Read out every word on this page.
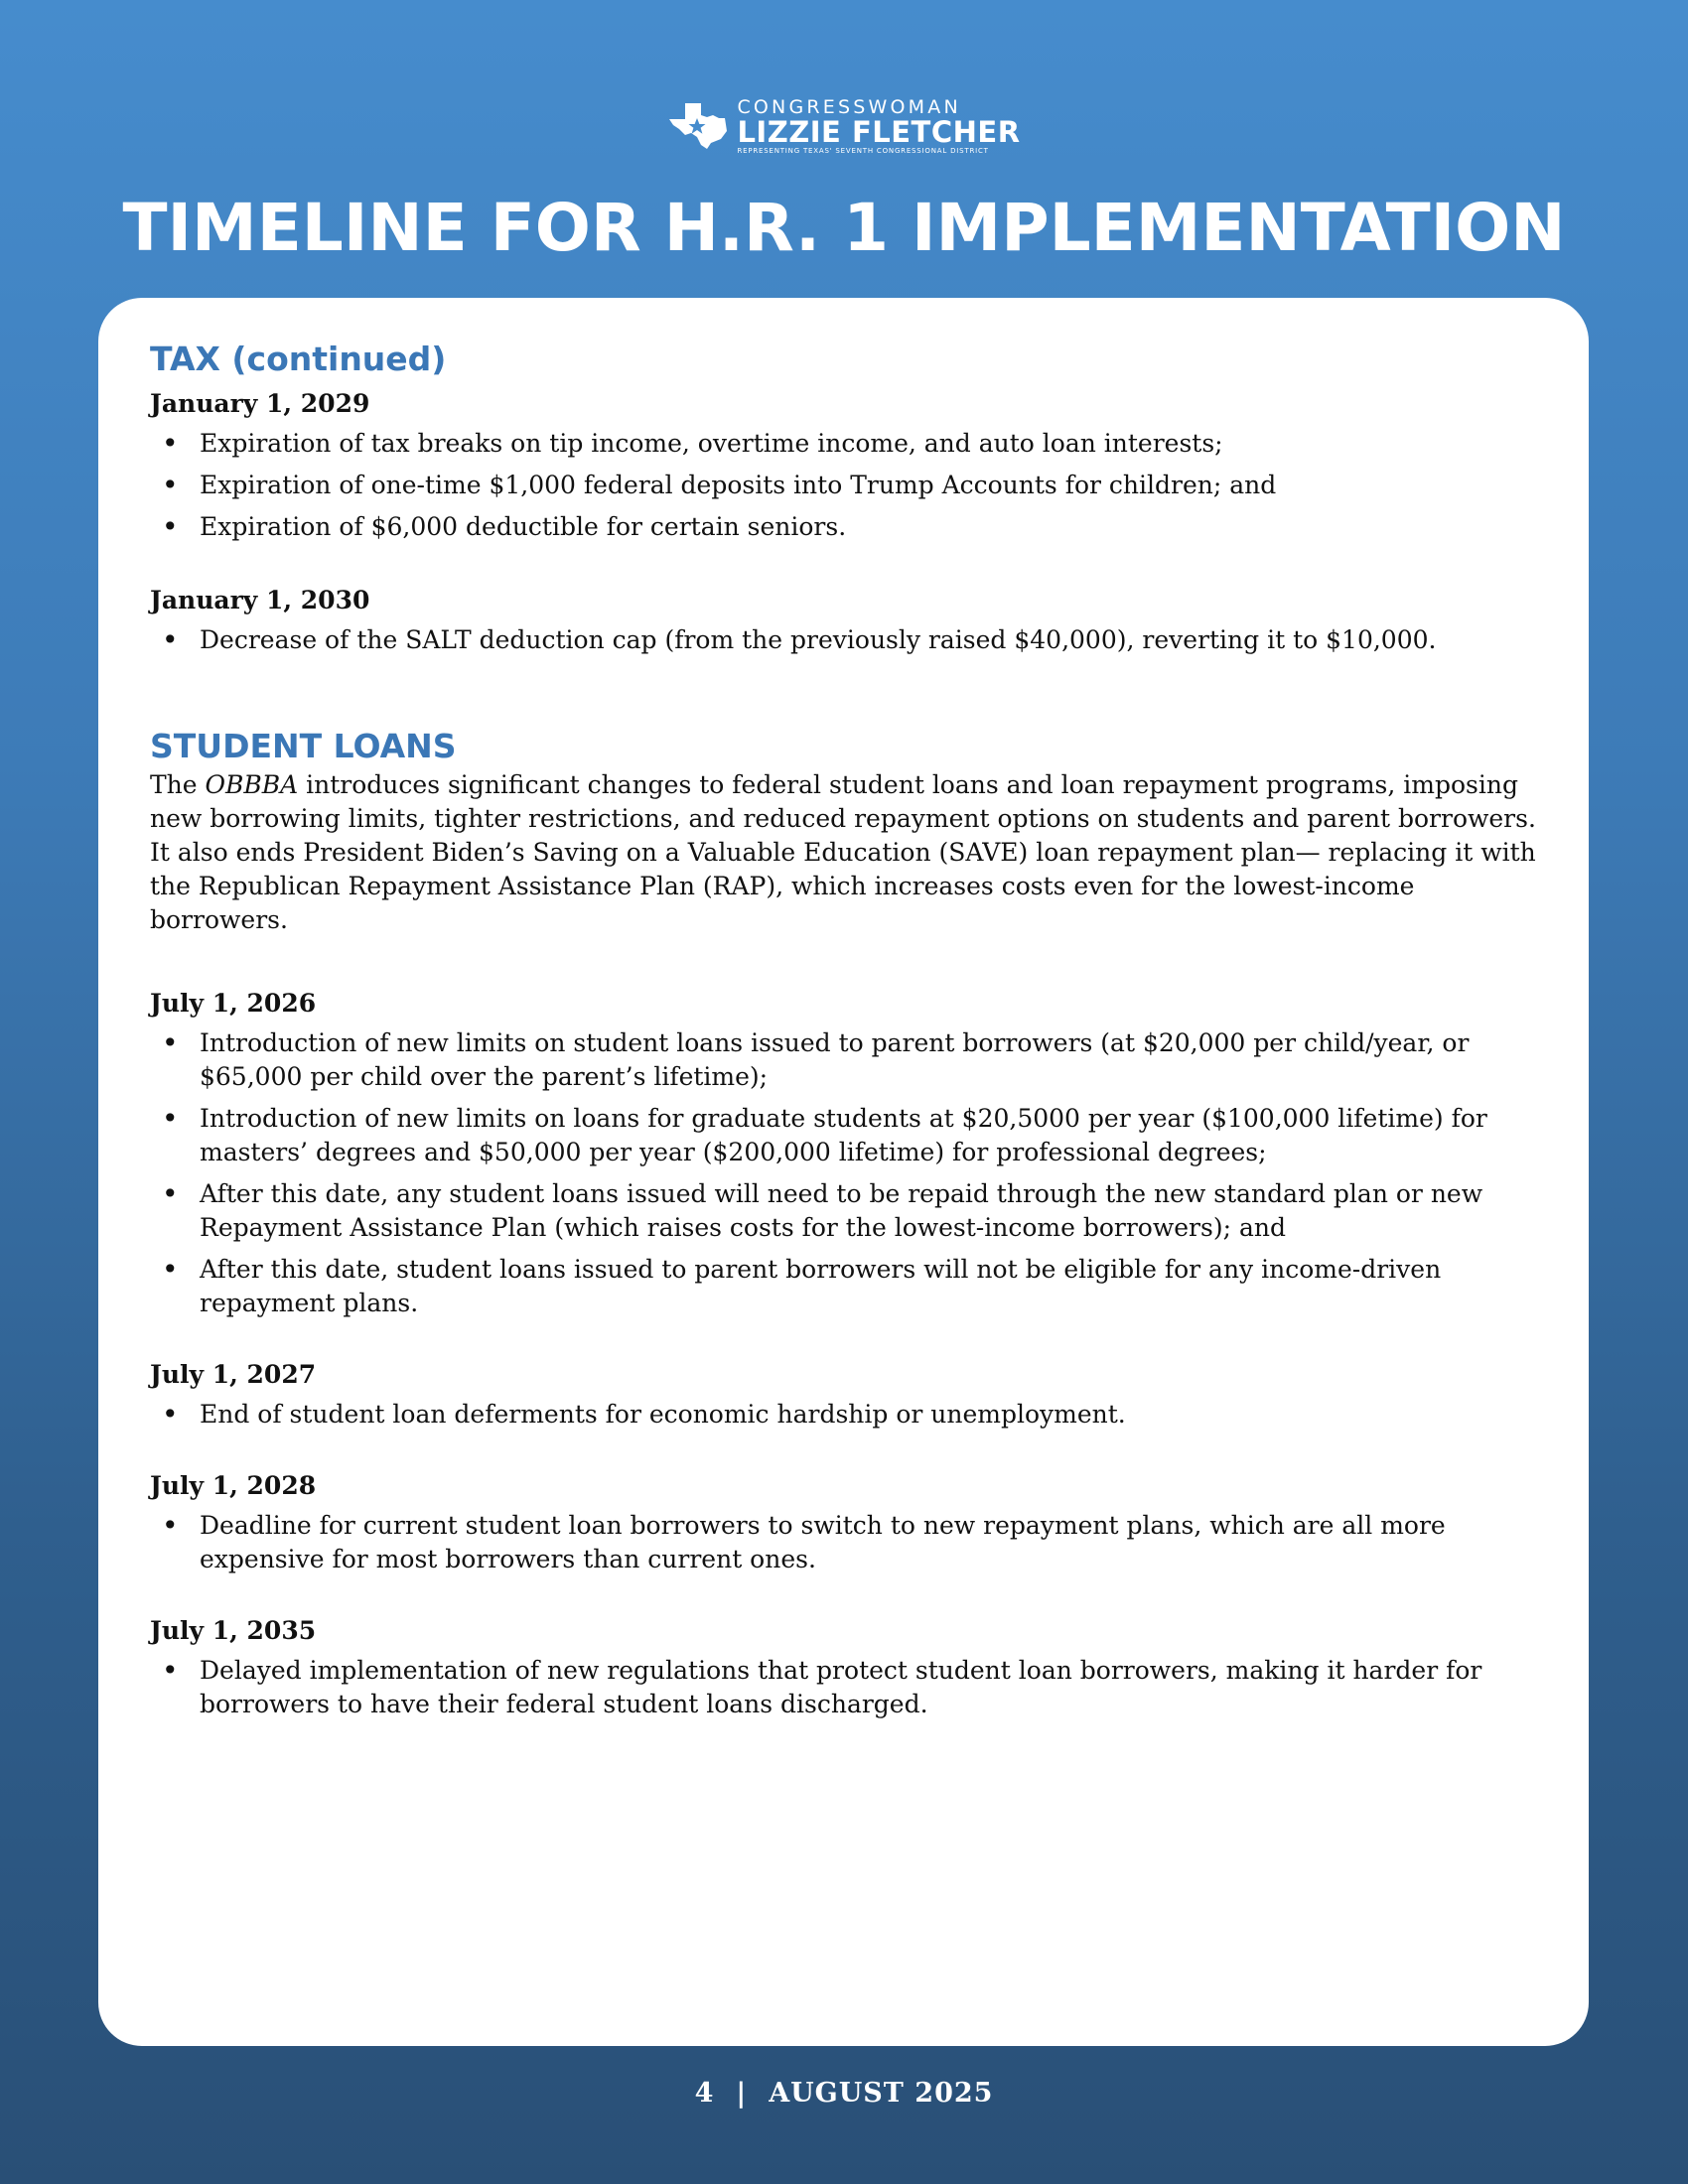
CONGRESSWOMAN
LIZZIE FLETCHER
REPRESENTING TEXAS' SEVENTH CONGRESSIONAL DISTRICT
TIMELINE FOR H.R. 1 IMPLEMENTATION
TAX (continued)
January 1, 2029
• Expiration of tax breaks on tip income, overtime income, and auto loan interests;
• Expiration of one-time $1,000 federal deposits into Trump Accounts for children; and
• Expiration of $6,000 deductible for certain seniors.
January 1, 2030
• Decrease of the SALT deduction cap (from the previously raised $40,000), reverting it to $10,000.
STUDENT LOANS

The OBBBA introduces significant changes to federal student loans and loan repayment programs, imposing new borrowing limits, tighter restrictions, and reduced repayment options on students and parent borrowers. It also ends President Biden’s Saving on a Valuable Education (SAVE) loan repayment plan— replacing it with the Republican Repayment Assistance Plan (RAP), which increases costs even for the lowest-income borrowers.

July 1, 2026
• Introduction of new limits on student loans issued to parent borrowers (at $20,000 per child/year, or $65,000 per child over the parent’s lifetime);
• Introduction of new limits on loans for graduate students at $20,5000 per year ($100,000 lifetime) for masters’ degrees and $50,000 per year ($200,000 lifetime) for professional degrees;
• After this date, any student loans issued will need to be repaid through the new standard plan or new Repayment Assistance Plan (which raises costs for the lowest-income borrowers); and
• After this date, student loans issued to parent borrowers will not be eligible for any income-driven repayment plans.
July 1, 2027
• End of student loan deferments for economic hardship or unemployment.
July 1, 2028
• Deadline for current student loan borrowers to switch to new repayment plans, which are all more expensive for most borrowers than current ones.
July 1, 2035
• Delayed implementation of new regulations that protect student loan borrowers, making it harder for borrowers to have their federal student loans discharged.
4 | AUGUST 2025
